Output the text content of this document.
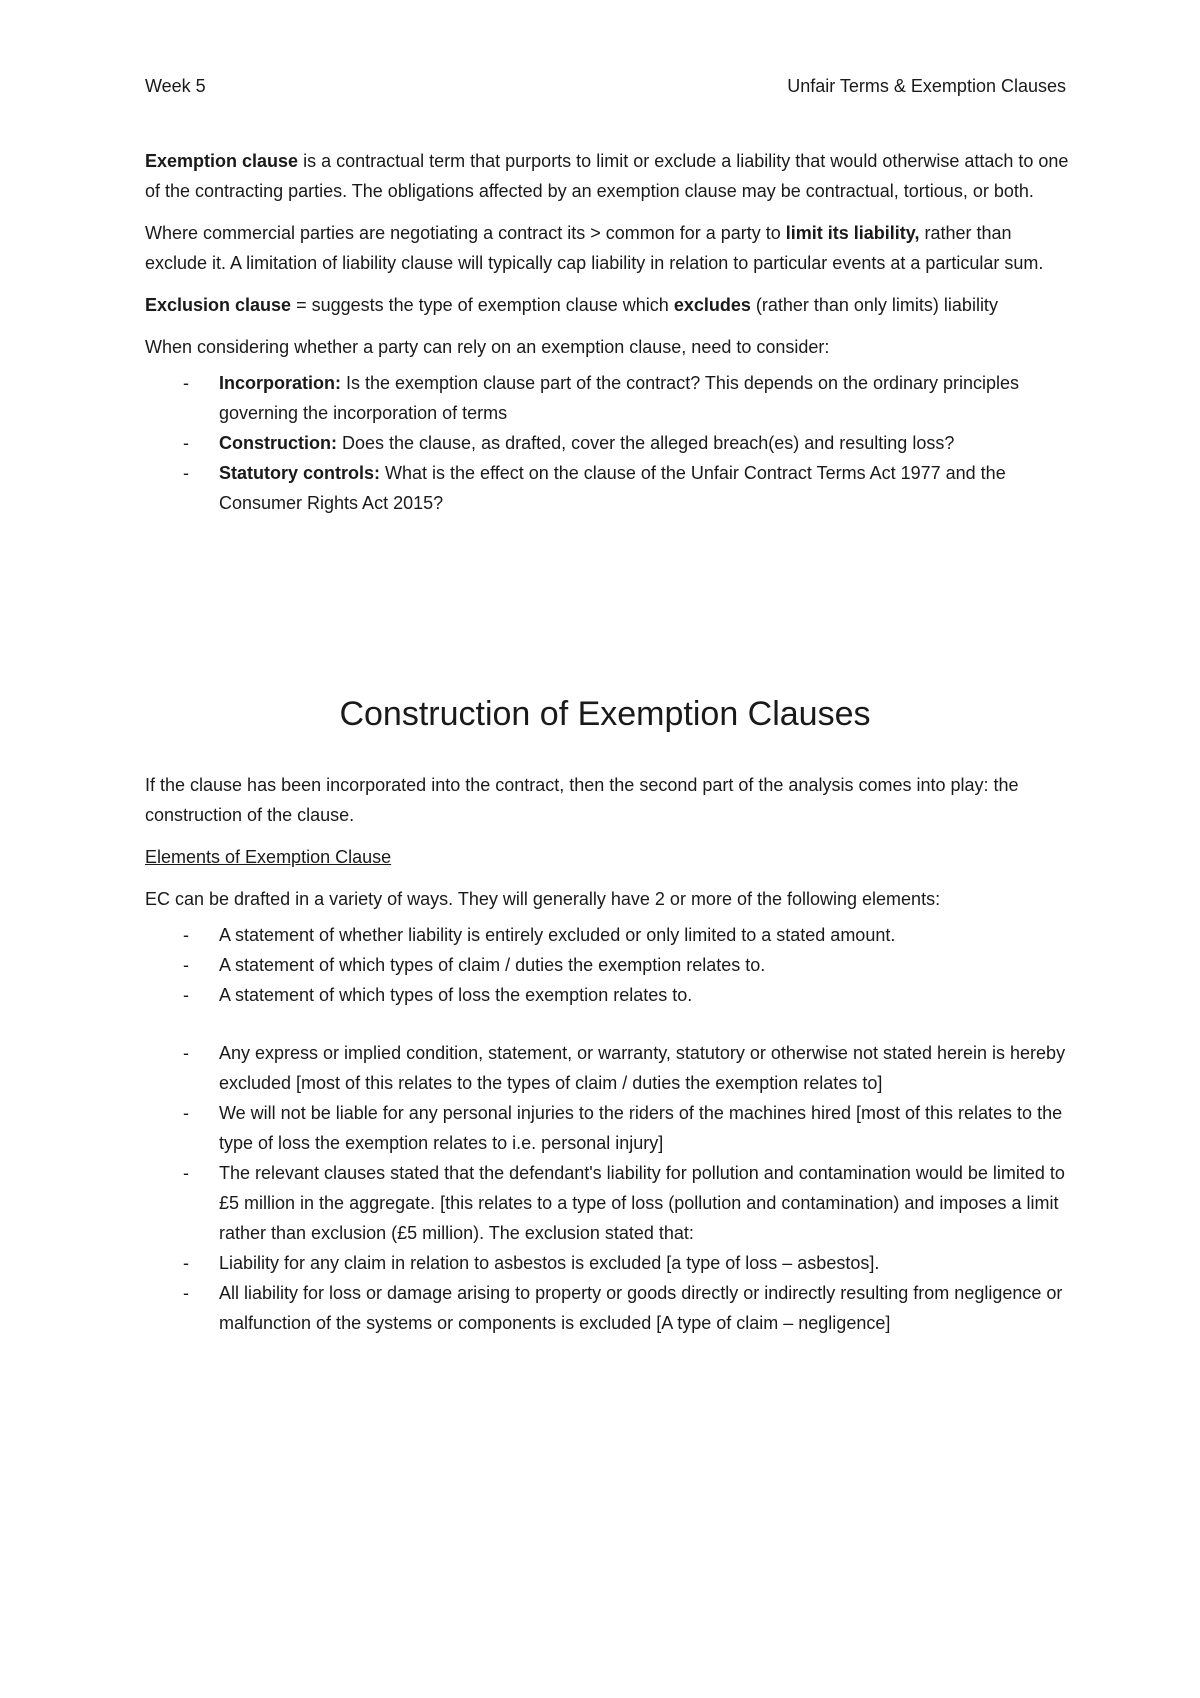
Week 5	Unfair Terms & Exemption Clauses

Exemption clause is a contractual term that purports to limit or exclude a liability that would otherwise attach to one of the contracting parties. The obligations affected by an exemption clause may be contractual, tortious, or both.

Where commercial parties are negotiating a contract its > common for a party to limit its liability, rather than exclude it. A limitation of liability clause will typically cap liability in relation to particular events at a particular sum.

Exclusion clause = suggests the type of exemption clause which excludes (rather than only limits) liability

When considering whether a party can rely on an exemption clause, need to consider:

- Incorporation: Is the exemption clause part of the contract? This depends on the ordinary principles governing the incorporation of terms
- Construction: Does the clause, as drafted, cover the alleged breach(es) and resulting loss?
- Statutory controls: What is the effect on the clause of the Unfair Contract Terms Act 1977 and the Consumer Rights Act 2015?
Construction of Exemption Clauses

If the clause has been incorporated into the contract, then the second part of the analysis comes into play: the construction of the clause.

Elements of Exemption Clause

EC can be drafted in a variety of ways. They will generally have 2 or more of the following elements:

- A statement of whether liability is entirely excluded or only limited to a stated amount.
- A statement of which types of claim / duties the exemption relates to.
- A statement of which types of loss the exemption relates to.
- Any express or implied condition, statement, or warranty, statutory or otherwise not stated herein is hereby excluded [most of this relates to the types of claim / duties the exemption relates to]
- We will not be liable for any personal injuries to the riders of the machines hired [most of this relates to the type of loss the exemption relates to i.e. personal injury]
- The relevant clauses stated that the defendant's liability for pollution and contamination would be limited to £5 million in the aggregate. [this relates to a type of loss (pollution and contamination) and imposes a limit rather than exclusion (£5 million). The exclusion stated that:
- Liability for any claim in relation to asbestos is excluded [a type of loss – asbestos].
- All liability for loss or damage arising to property or goods directly or indirectly resulting from negligence or malfunction of the systems or components is excluded [A type of claim – negligence]
